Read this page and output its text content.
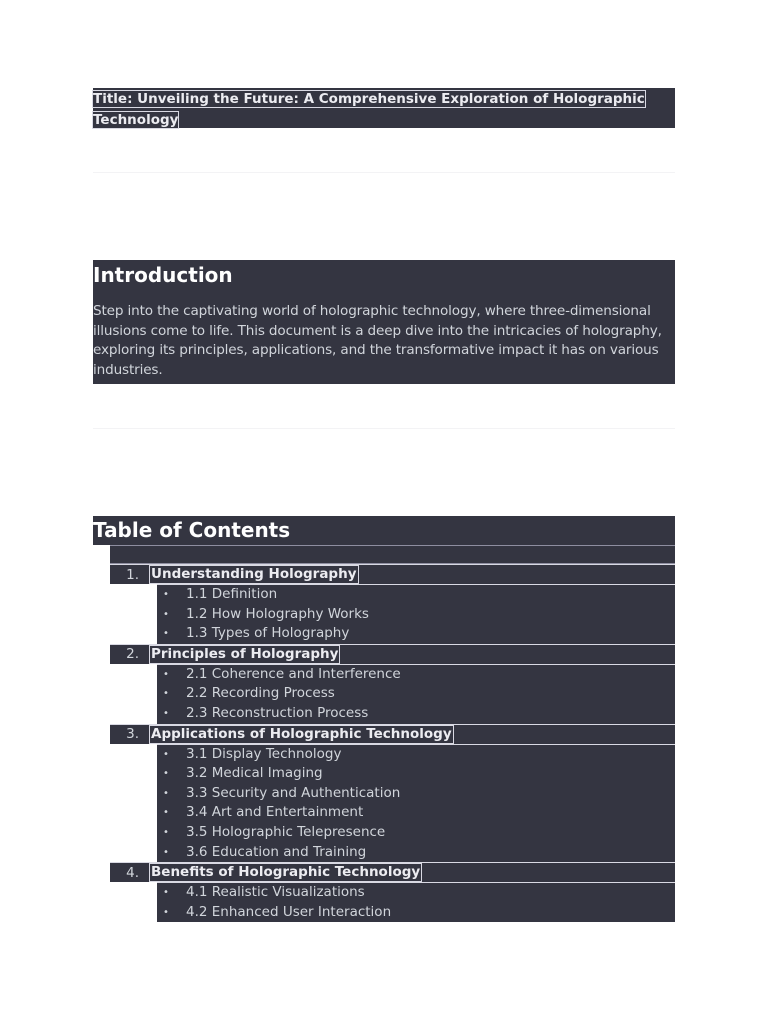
Title: Unveiling the Future: A Comprehensive Exploration of Holographic Technology
Introduction

Step into the captivating world of holographic technology, where three-dimensional illusions come to life. This document is a deep dive into the intricacies of holography, exploring its principles, applications, and the transformative impact it has on various industries.

Table of Contents
1. Understanding Holography
• 1.1 Definition
• 1.2 How Holography Works
• 1.3 Types of Holography
2. Principles of Holography
• 2.1 Coherence and Interference
• 2.2 Recording Process
• 2.3 Reconstruction Process
3. Applications of Holographic Technology
• 3.1 Display Technology
• 3.2 Medical Imaging
• 3.3 Security and Authentication
• 3.4 Art and Entertainment
• 3.5 Holographic Telepresence
• 3.6 Education and Training
4. Benefits of Holographic Technology
• 4.1 Realistic Visualizations
• 4.2 Enhanced User Interaction
